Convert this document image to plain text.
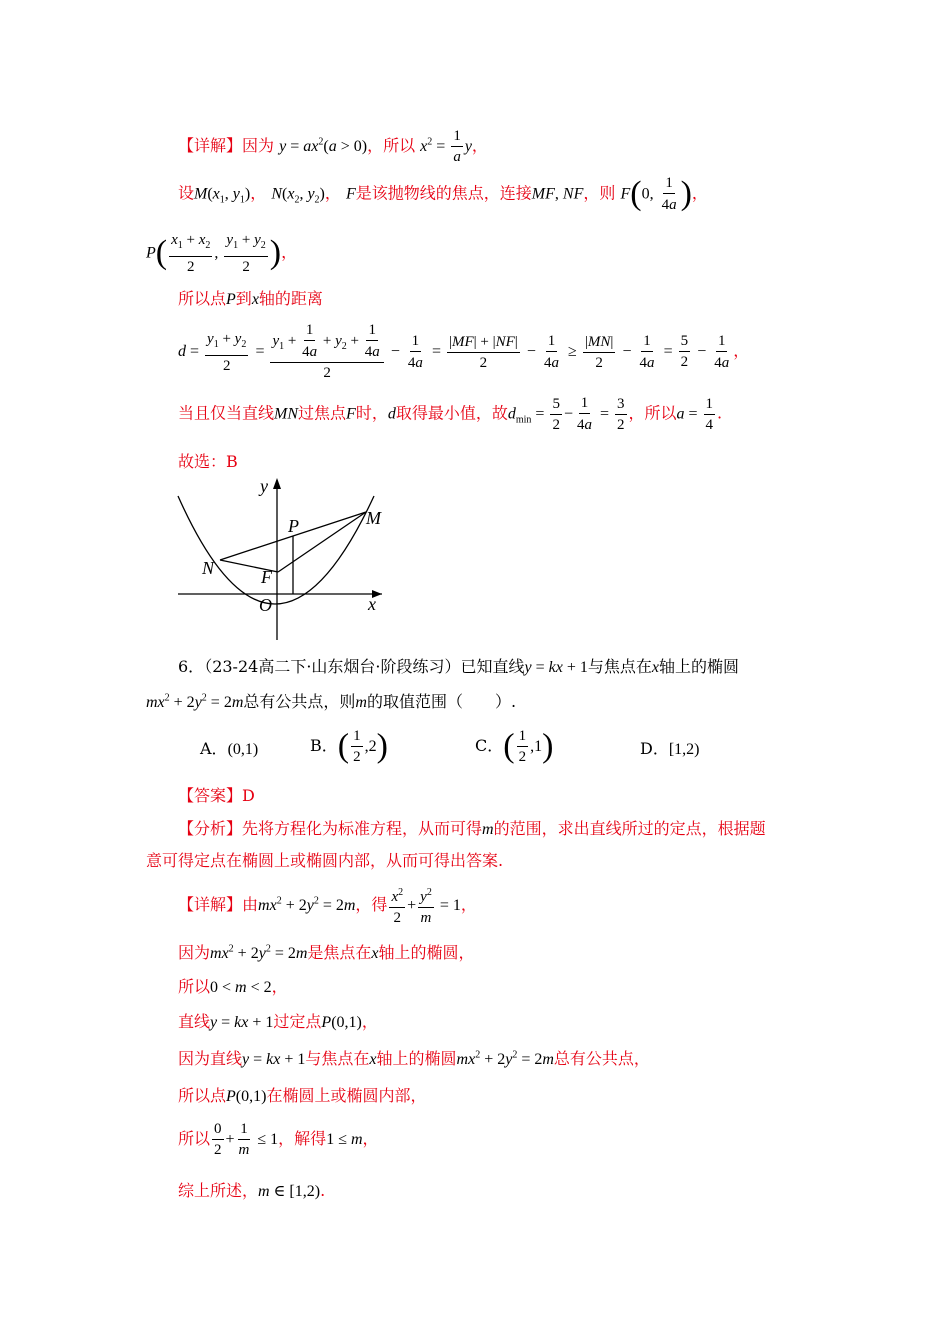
【详解】因为 $y = ax^2(a > 0)$，所以 $x^2 = \frac{1}{a}$ y，
设$M(x_1$, $y_1$)， $N(x_2$, $y_2$)， F是该抛物线的焦点，连接MF, NF，则 F(0, $\frac{1}{4a}$ )，
$P( \frac{x_1 + x_2}{2}$ , $\frac{y_1 + y_2}{2}$ )，
所以点P到x轴的距离
$d = \frac{y_1 + y_2}{2} = \frac{y_1 + \frac{1}{4a} + y_2 + \frac{1}{4a}}{2} - \frac{1}{4a} = \frac{|MF| + |NF|}{2} - \frac{1}{4a} \ge \frac{|MN|}{2} - \frac{1}{4a} = \frac{5}{2} - \frac{1}{4a}$ ，
当且仅当直线MN过焦点F时，d取得最小值，故$d_{min} = \frac{5}{2} - \frac{1}{4a} = \frac{3}{2}$ ，所以$a = \frac{1}{4}$ .
故选：B
y
P	M
N	F
O	x
6．（23-24高二下·山东烟台·阶段练习）已知直线y = kx + 1与焦点在x轴上的椭圆
$mx^2 + 2y^2 = 2m$总有公共点，则m的取值范围（　　）.
A．(0,1)	B．( $\frac{1}{2} ,2$)	C．( $\frac{1}{2} ,1$)	D．[1,2)
【答案】D
【分析】先将方程化为标准方程，从而可得m的范围，求出直线所过的定点，根据题
意可得定点在椭圆上或椭圆内部，从而可得出答案.
【详解】由$mx^2 + 2y^2 = 2m$，得 $\frac{x^2}{2} + \frac{y^2}{m} = 1$，
因为$mx^2 + 2y^2 = 2m$是焦点在x轴上的椭圆，
所以0 < m < 2，
直线y = kx + 1过定点P(0,1)，
因为直线y = kx + 1与焦点在x轴上的椭圆$mx^2 + 2y^2 = 2m$总有公共点，
所以点P(0,1)在椭圆上或椭圆内部，
所以 $\frac{0}{2} + \frac{1}{m} \le 1$，解得1 ≤ m，
综上所述，m ∈ [1,2).
